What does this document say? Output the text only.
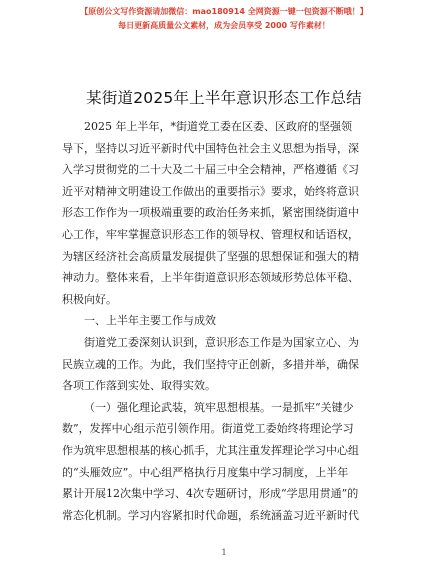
【原创公文写作资源请加微信：mao180914 全网资源一键一包资源不断哦！】
每日更新高质量公文素材，成为会员享受 2000 写作素材！
某街道2025年上半年意识形态工作总结
2025 年上半年，*街道党工委在区委、区政府的坚强领
导下，坚持以习近平新时代中国特色社会主义思想为指导，深
入学习贯彻党的二十大及二十届三中全会精神，严格遵循《习
近平对精神文明建设工作做出的重要指示》要求，始终将意识
形态工作作为一项极端重要的政治任务来抓，紧密围绕街道中
心工作，牢牢掌握意识形态工作的领导权、管理权和话语权，
为辖区经济社会高质量发展提供了坚强的思想保证和强大的精
神动力。整体来看，上半年街道意识形态领域形势总体平稳、
积极向好。
一、上半年主要工作与成效
街道党工委深刻认识到，意识形态工作是为国家立心、为
民族立魂的工作。为此，我们坚持守正创新，多措并举，确保
各项工作落到实处、取得实效。
（一）强化理论武装，筑牢思想根基。一是抓牢“关键少
数”，发挥中心组示范引领作用。街道党工委始终将理论学习
作为筑牢思想根基的核心抓手，尤其注重发挥理论学习中心组
的“头雁效应”。中心组严格执行月度集中学习制度，上半年
累计开展12次集中学习、4次专题研讨，形成“学思用贯通”的
常态化机制。学习内容紧扣时代命题，系统涵盖习近平新时代
1
